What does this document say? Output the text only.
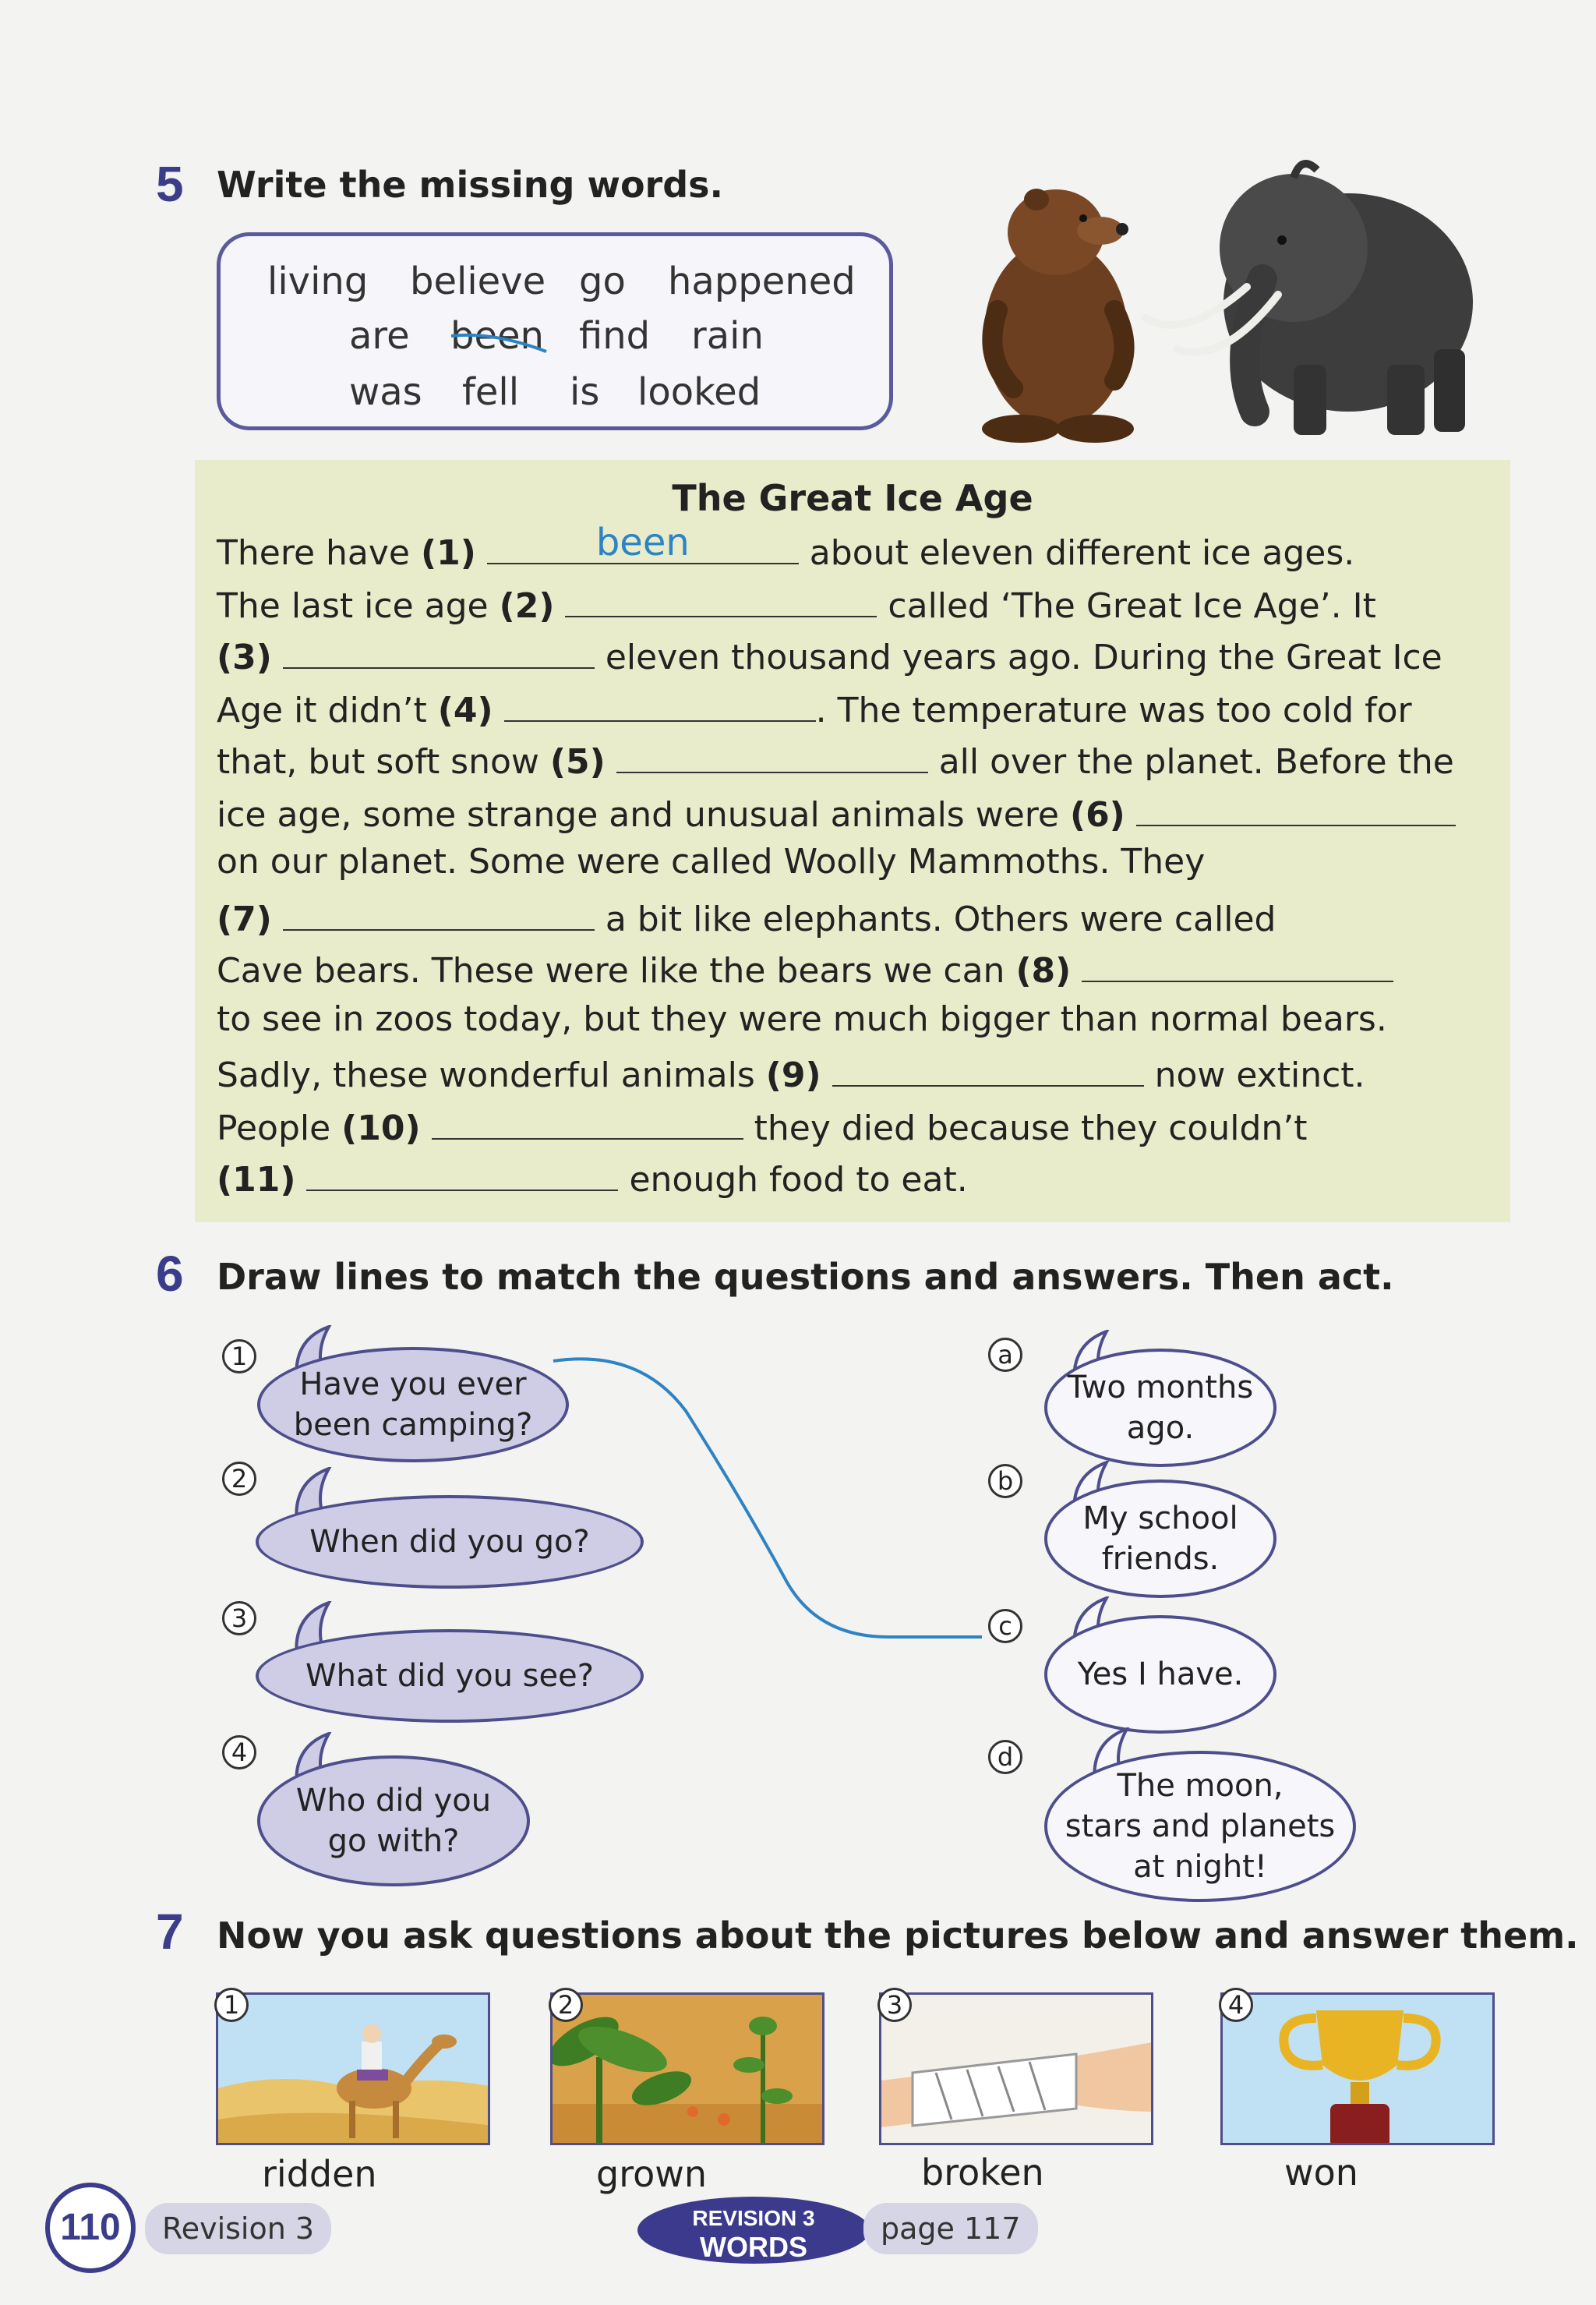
5 Write the missing words.
living believe go happened
are been find rain
was fell is looked
The Great Ice Age
There have (1)	been	about eleven different ice ages.
The last ice age (2)	called ‘The Great Ice Age’. It
(3)	eleven thousand years ago. During the Great Ice
Age it didn’t (4)	. The temperature was too cold for
that, but soft snow (5)	all over the planet. Before the
ice age, some strange and unusual animals were (6)
on our planet. Some were called Woolly Mammoths. They
(7)	a bit like elephants. Others were called
Cave bears. These were like the bears we can (8)
to see in zoos today, but they were much bigger than normal bears.
Sadly, these wonderful animals (9)	now extinct.
People (10)	they died because they couldn’t
(11)	enough food to eat.
6 Draw lines to match the questions and answers. Then act.
1
Have you ever
been camping?
2
When did you go?
3
What did you see?
4
Who did you
go with?
a
Two months
ago.
b
My school
friends.
c
Yes I have.
d
The moon,
stars and planets
at night!
7 Now you ask questions about the pictures below and answer them.
1
ridden
2
grown
3
broken
4
won
110	Revision 3	REVISION 3
WORDS
page 117
